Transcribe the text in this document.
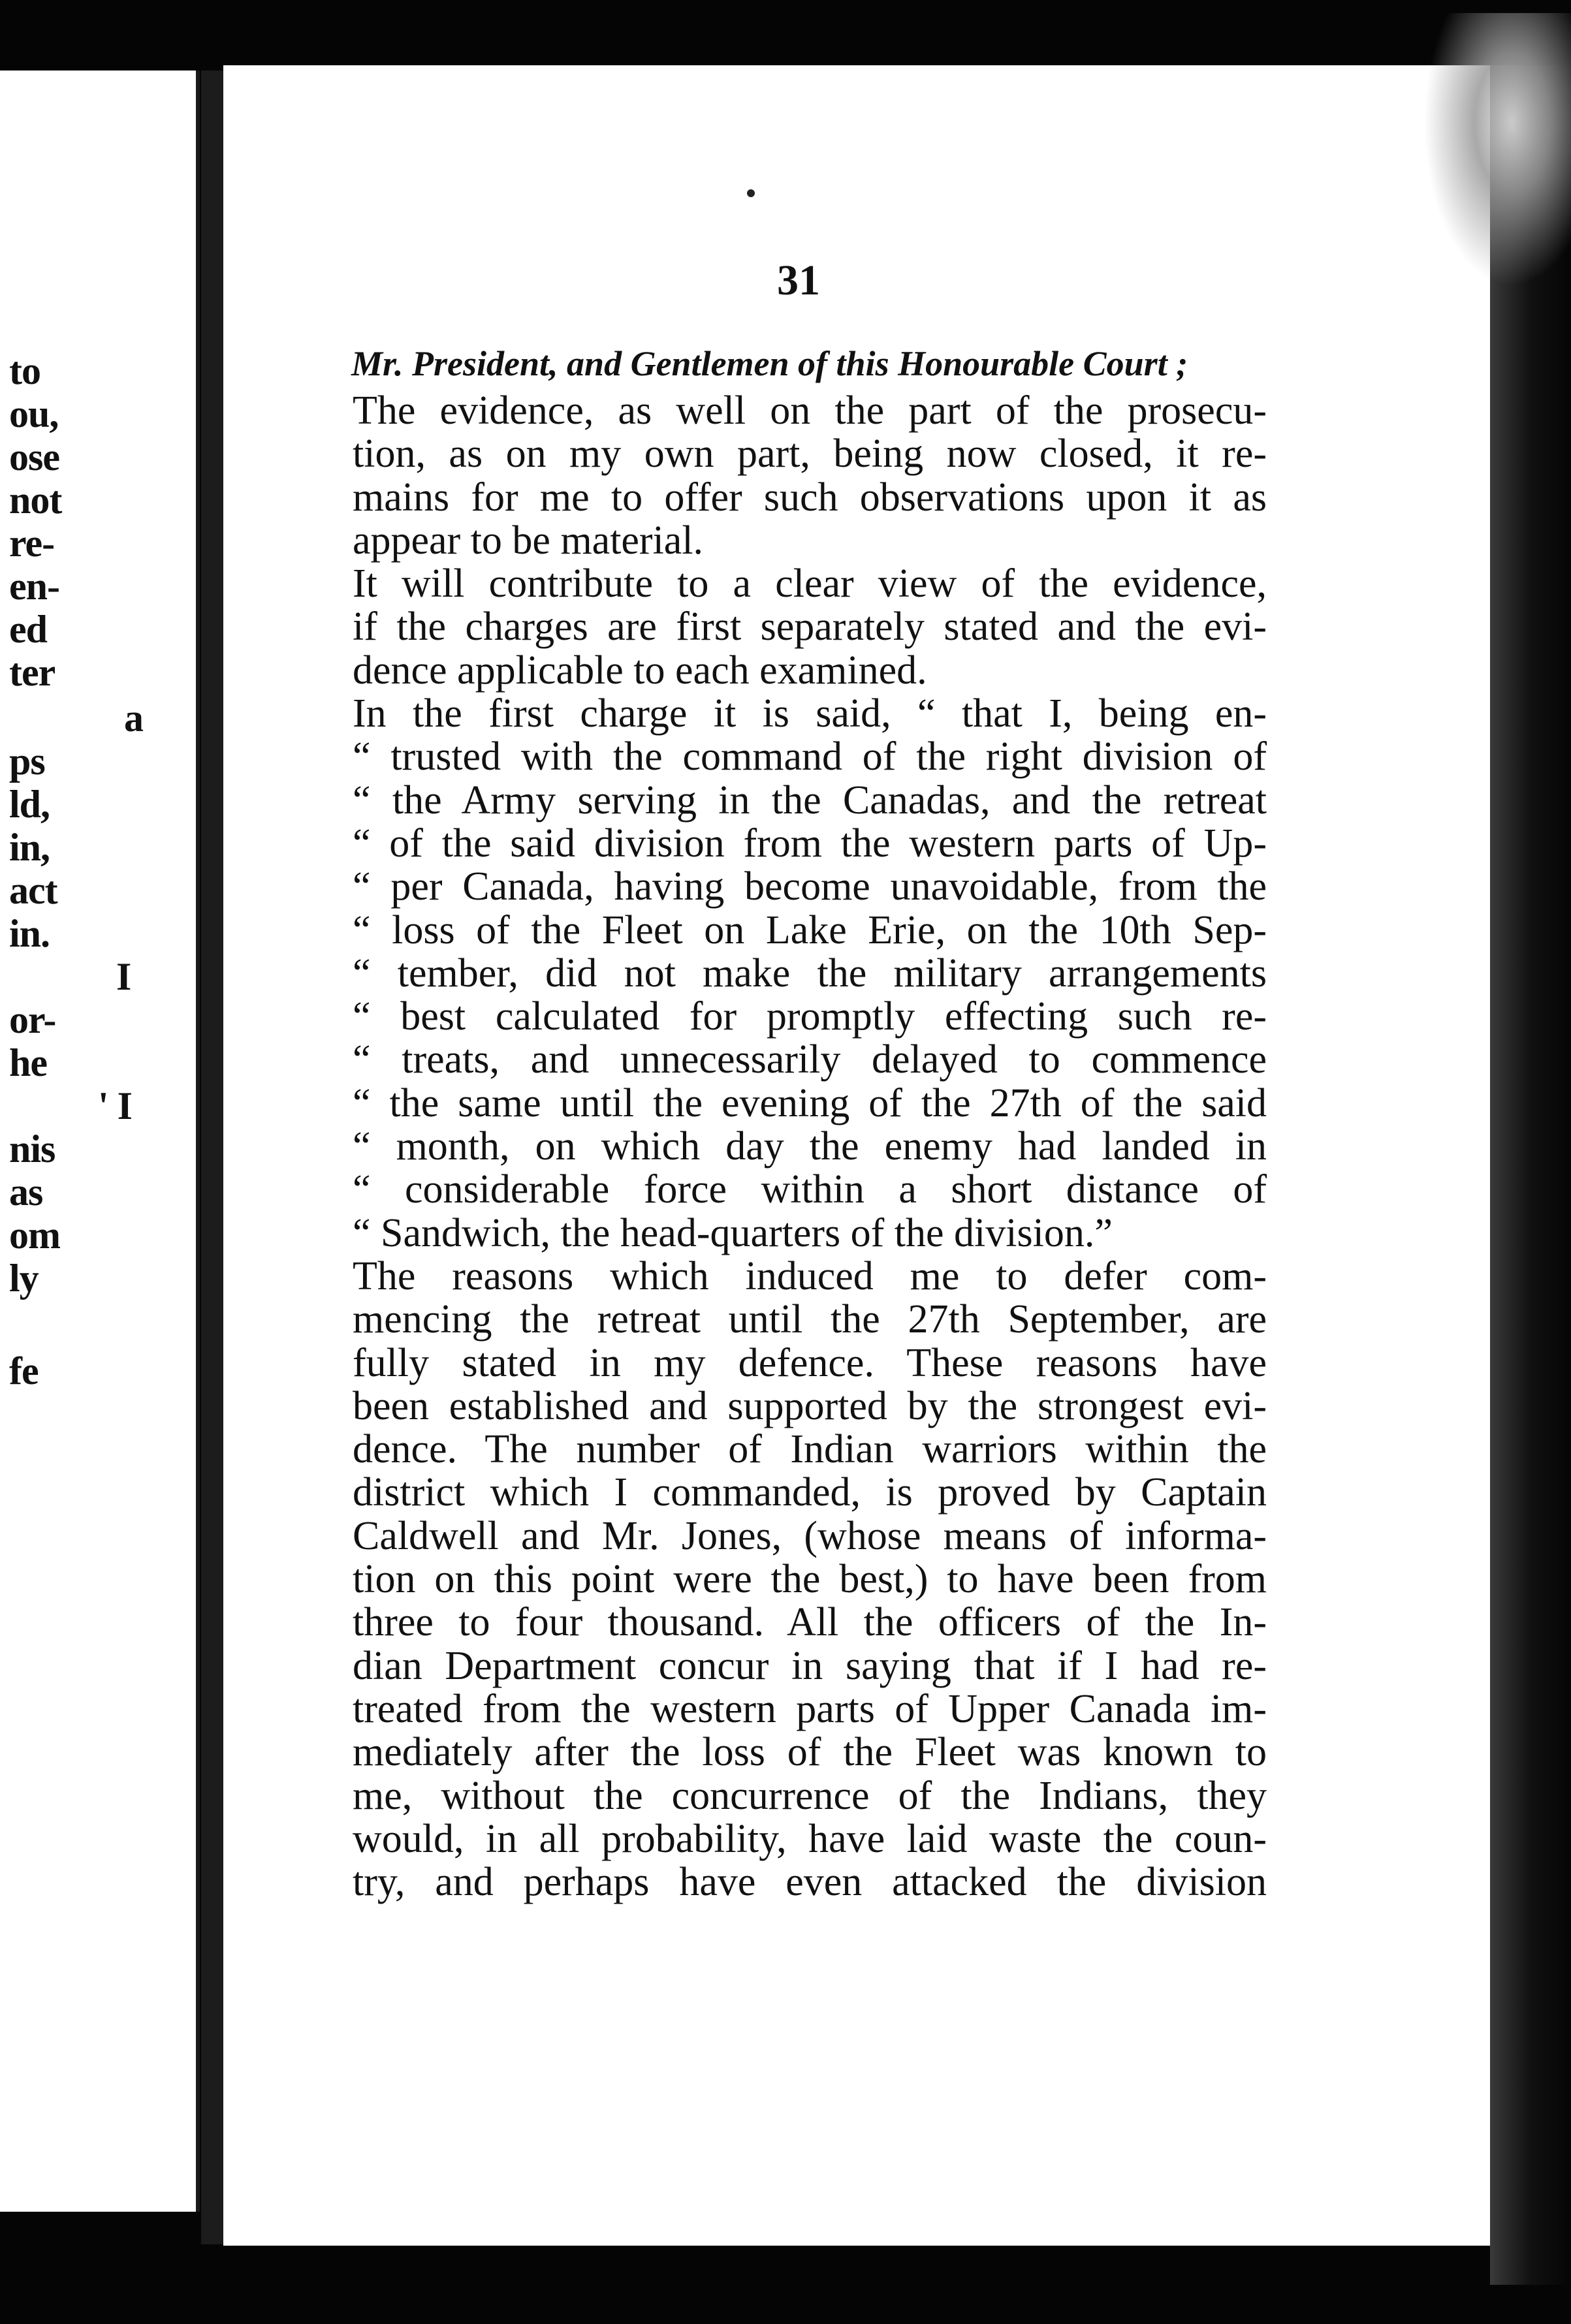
to
ou,
ose
not
re-
en-
ed
ter
a
ps
ld,
in,
act
in.
I
or-
he
' I
nis
as
om
ly
fe
31
Mr. President, and Gentlemen of this Honourable Court ;
The evidence, as well on the part of the prosecu-
tion, as on my own part, being now closed, it re-
mains for me to offer such observations upon it as
appear to be material.
It will contribute to a clear view of the evidence,
if the charges are first separately stated and the evi-
dence applicable to each examined.
In the first charge it is said, “ that I, being en-
“ trusted with the command of the right division of
“ the Army serving in the Canadas, and the retreat
“ of the said division from the western parts of Up-
“ per Canada, having become unavoidable, from the
“ loss of the Fleet on Lake Erie, on the 10th Sep-
“ tember, did not make the military arrangements
“ best calculated for promptly effecting such re-
“ treats, and unnecessarily delayed to commence
“ the same until the evening of the 27th of the said
“ month, on which day the enemy had landed in
“ considerable force within a short distance of
“ Sandwich, the head-quarters of the division.”
The reasons which induced me to defer com-
mencing the retreat until the 27th September, are
fully stated in my defence. These reasons have
been established and supported by the strongest evi-
dence. The number of Indian warriors within the
district which I commanded, is proved by Captain
Caldwell and Mr. Jones, (whose means of informa-
tion on this point were the best,) to have been from
three to four thousand. All the officers of the In-
dian Department concur in saying that if I had re-
treated from the western parts of Upper Canada im-
mediately after the loss of the Fleet was known to
me, without the concurrence of the Indians, they
would, in all probability, have laid waste the coun-
try, and perhaps have even attacked the division
